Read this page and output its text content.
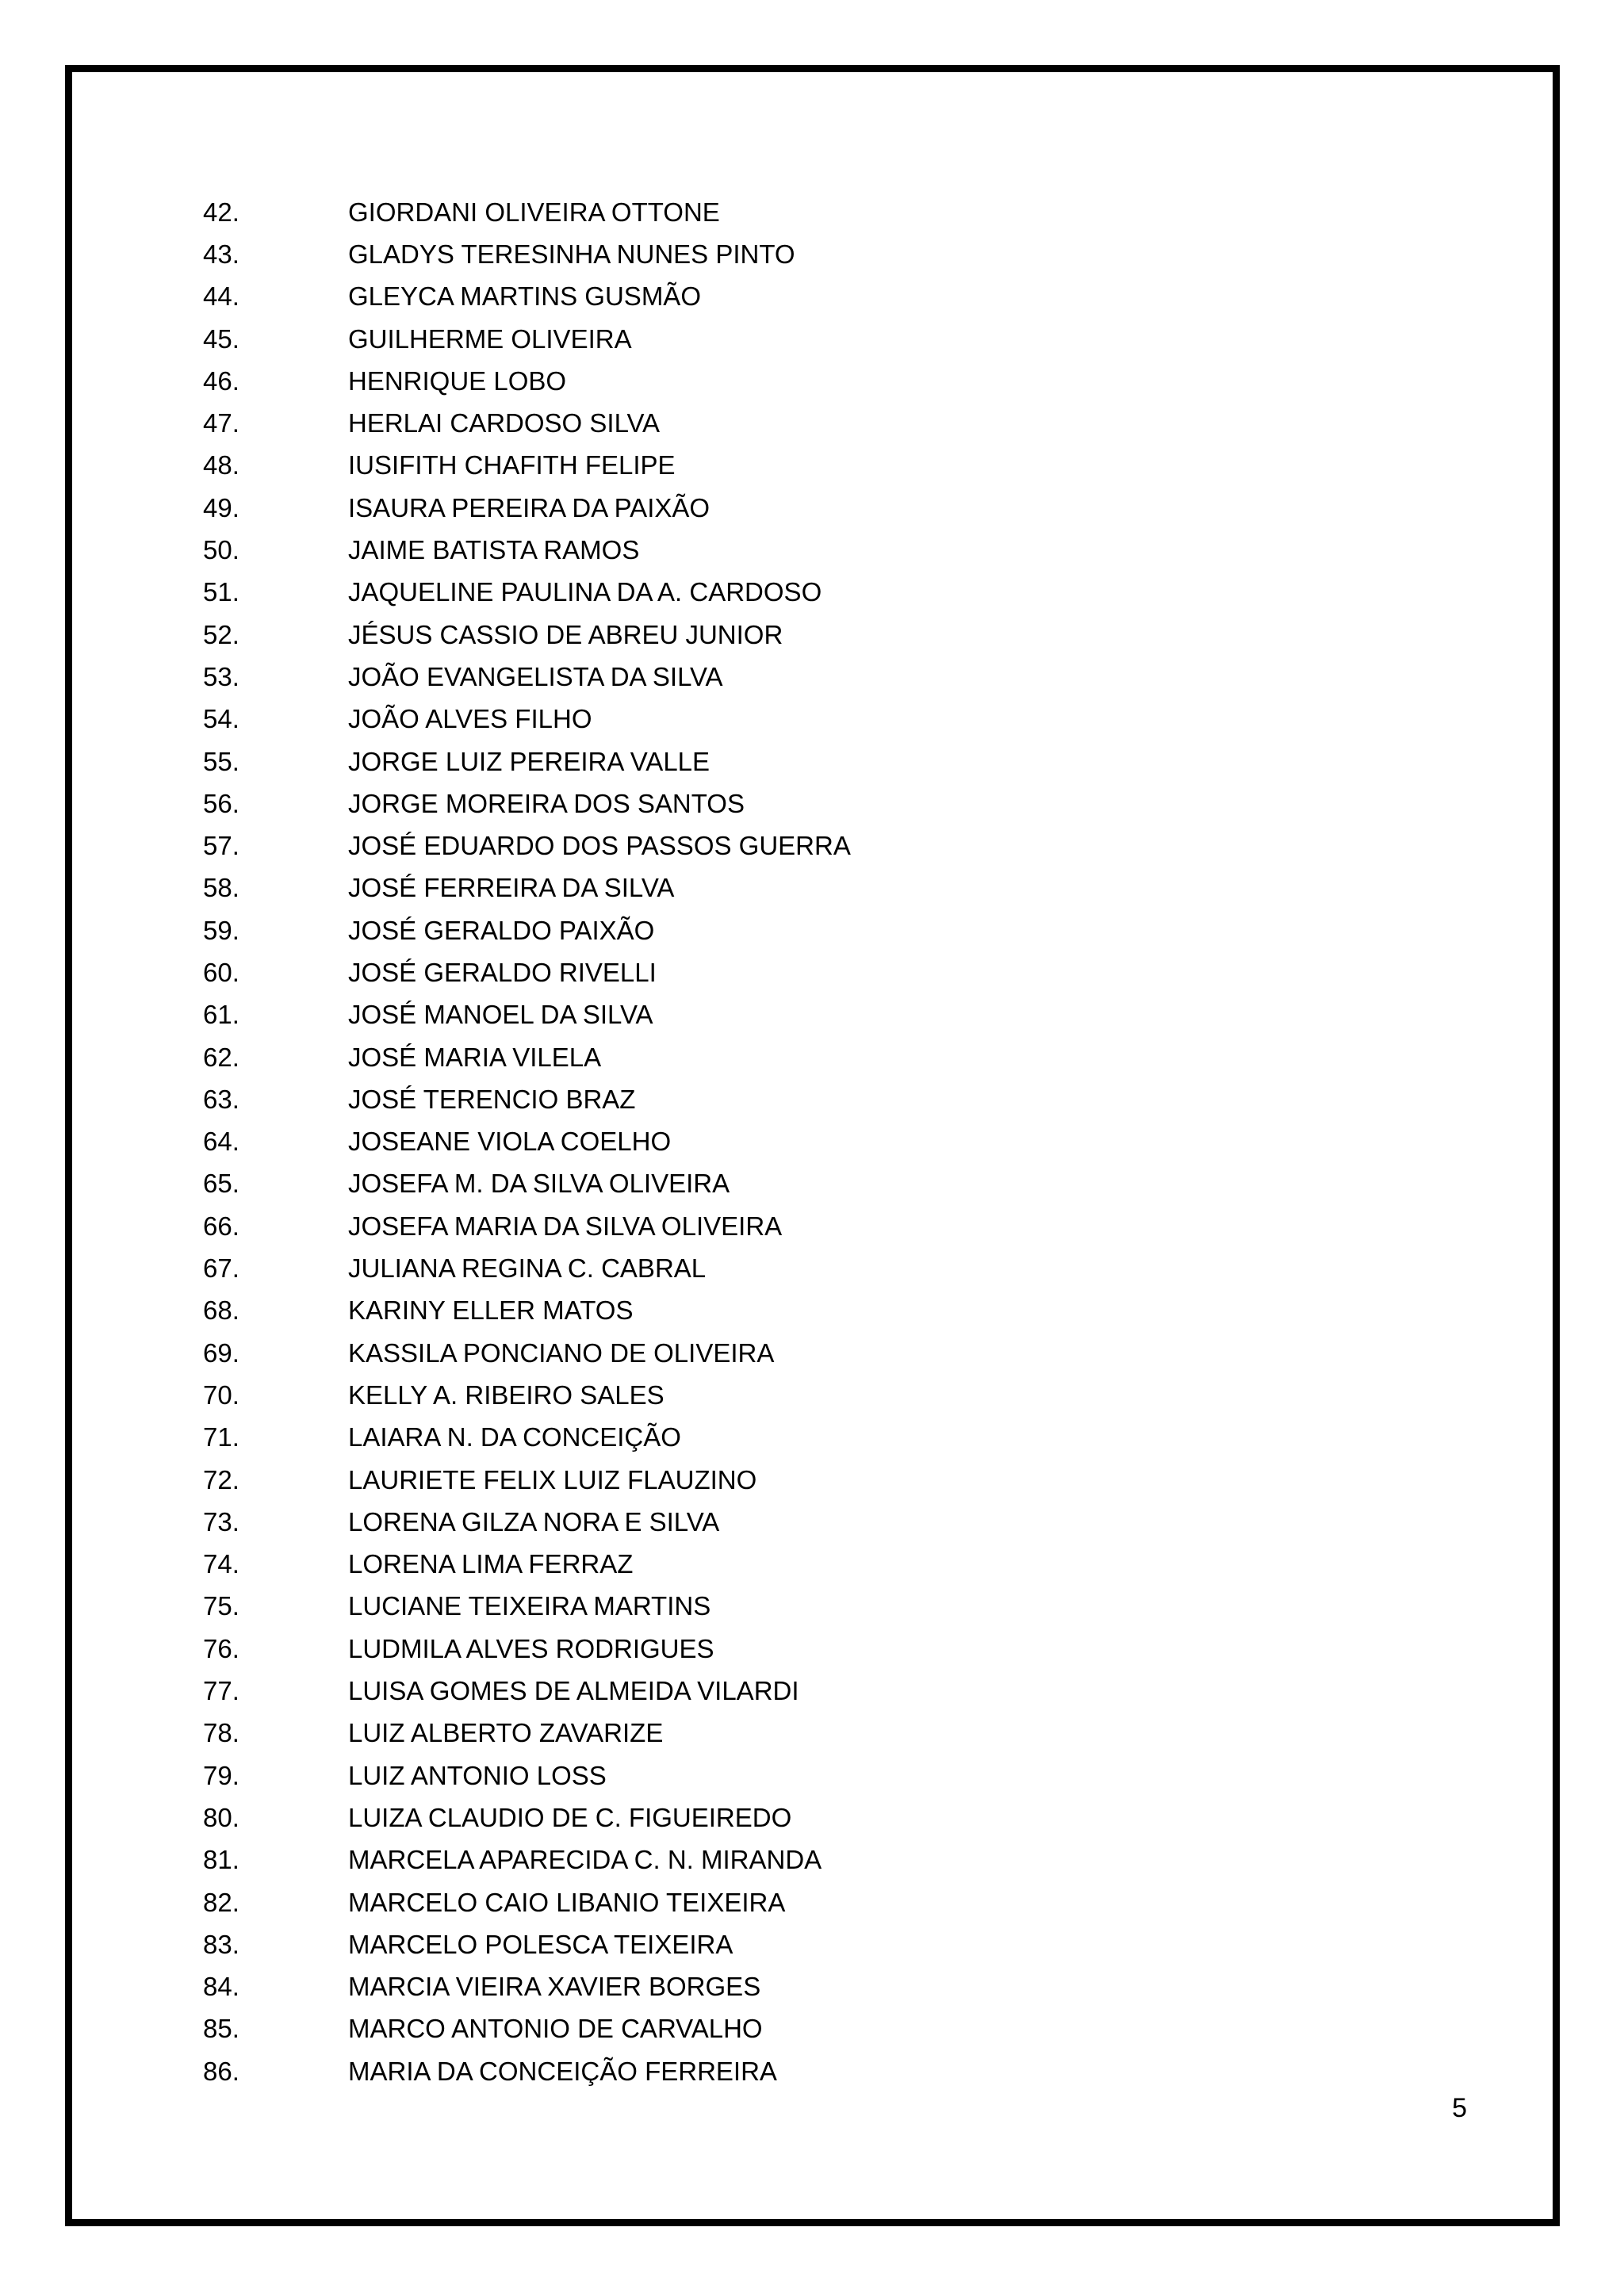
42.	GIORDANI OLIVEIRA OTTONE
43.	GLADYS TERESINHA NUNES PINTO
44.	GLEYCA MARTINS GUSMÃO
45.	GUILHERME OLIVEIRA
46.	HENRIQUE LOBO
47.	HERLAI CARDOSO SILVA
48.	IUSIFITH CHAFITH FELIPE
49.	ISAURA PEREIRA DA PAIXÃO
50.	JAIME BATISTA RAMOS
51.	JAQUELINE PAULINA DA A. CARDOSO
52.	JÉSUS CASSIO DE ABREU JUNIOR
53.	JOÃO EVANGELISTA DA SILVA
54.	JOÃO ALVES FILHO
55.	JORGE LUIZ PEREIRA VALLE
56.	JORGE MOREIRA DOS SANTOS
57.	JOSÉ EDUARDO DOS PASSOS GUERRA
58.	JOSÉ FERREIRA DA SILVA
59.	JOSÉ GERALDO PAIXÃO
60.	JOSÉ GERALDO RIVELLI
61.	JOSÉ MANOEL DA SILVA
62.	JOSÉ MARIA VILELA
63.	JOSÉ TERENCIO BRAZ
64.	JOSEANE VIOLA COELHO
65.	JOSEFA M. DA SILVA OLIVEIRA
66.	JOSEFA MARIA DA SILVA OLIVEIRA
67.	JULIANA REGINA C. CABRAL
68.	KARINY ELLER MATOS
69.	KASSILA PONCIANO DE OLIVEIRA
70.	KELLY A. RIBEIRO SALES
71.	LAIARA N. DA CONCEIÇÃO
72.	LAURIETE FELIX LUIZ FLAUZINO
73.	LORENA GILZA NORA E SILVA
74.	LORENA LIMA FERRAZ
75.	LUCIANE TEIXEIRA MARTINS
76.	LUDMILA ALVES RODRIGUES
77.	LUISA GOMES DE ALMEIDA VILARDI
78.	LUIZ ALBERTO ZAVARIZE
79.	LUIZ ANTONIO LOSS
80.	LUIZA CLAUDIO DE C. FIGUEIREDO
81.	MARCELA APARECIDA C. N. MIRANDA
82.	MARCELO CAIO LIBANIO TEIXEIRA
83.	MARCELO POLESCA TEIXEIRA
84.	MARCIA VIEIRA XAVIER BORGES
85.	MARCO ANTONIO DE CARVALHO
86.	MARIA DA CONCEIÇÃO FERREIRA
5
